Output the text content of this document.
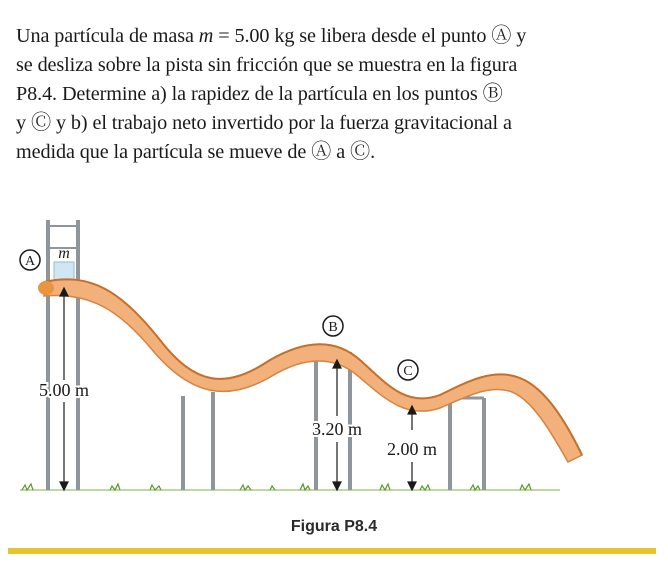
Una partícula de masa m = 5.00 kg se libera desde el punto Ⓐ y

se desliza sobre la pista sin fricción que se muestra en la figura

P8.4. Determine a) la rapidez de la partícula en los puntos Ⓑ

y Ⓒ y b) el trabajo neto invertido por la fuerza gravitacional a

medida que la partícula se mueve de Ⓐ a Ⓒ.

A
B
C
m
5.00 m
3.20 m
2.00 m
Figura P8.4
